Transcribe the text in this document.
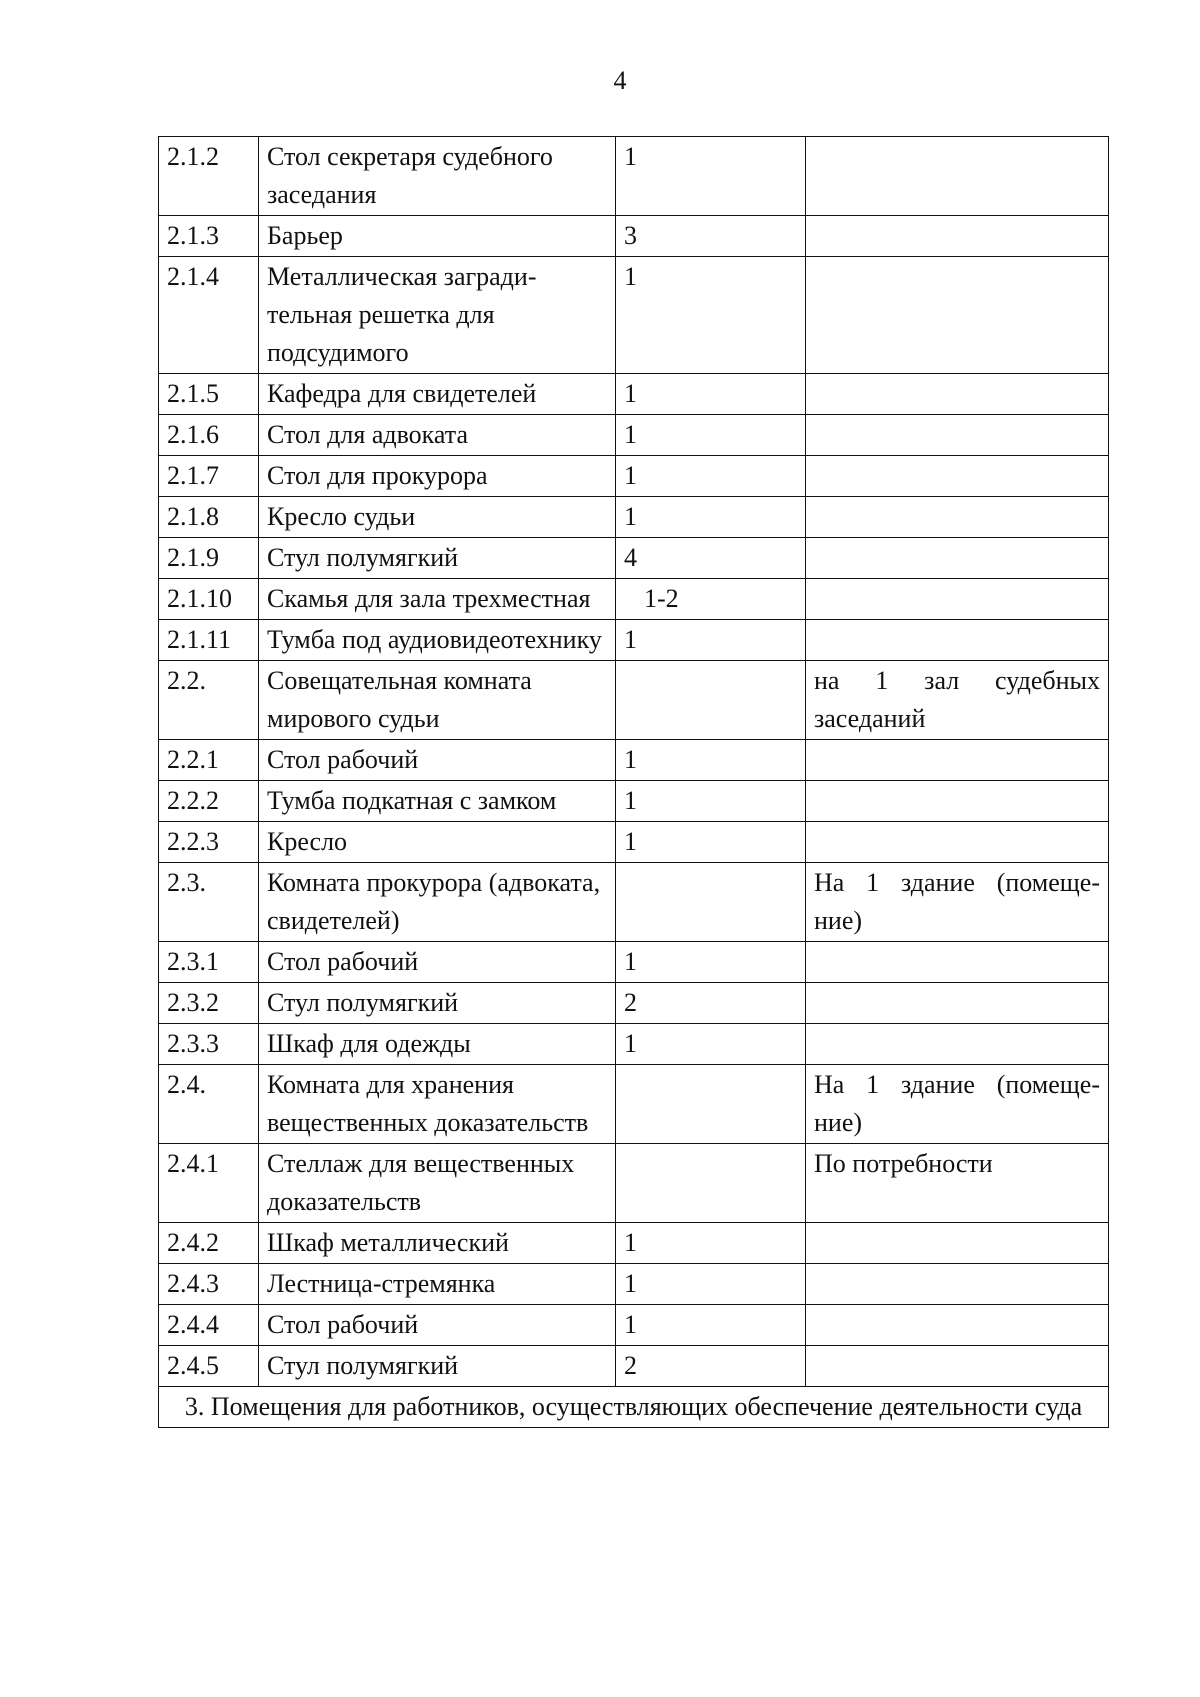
4
2.1.2	Стол секретаря судебного заседания	1	
2.1.3	Барьер	3	
2.1.4	Металлическая загради-тельная решетка для подсудимого	1	
2.1.5	Кафедра для свидетелей	1	
2.1.6	Стол для адвоката	1	
2.1.7	Стол для прокурора	1	
2.1.8	Кресло судьи	1	
2.1.9	Стул полумягкий	4	
2.1.10	Скамья для зала трехместная	1-2	
2.1.11	Тумба под аудиовидеотехнику	1	
2.2.	Совещательная комната мирового судьи		на 1 зал судебных заседаний
2.2.1	Стол рабочий	1	
2.2.2	Тумба подкатная с замком	1	
2.2.3	Кресло	1	
2.3.	Комната прокурора (адвоката, свидетелей)		На 1 здание (помеще-ние)
2.3.1	Стол рабочий	1	
2.3.2	Стул полумягкий	2	
2.3.3	Шкаф для одежды	1	
2.4.	Комната для хранения вещественных доказательств		На 1 здание (помеще-ние)
2.4.1	Стеллаж для вещественных доказательств		По потребности
2.4.2	Шкаф металлический	1	
2.4.3	Лестница-стремянка	1	
2.4.4	Стол рабочий	1	
2.4.5	Стул полумягкий	2	
3. Помещения для работников, осуществляющих обеспечение деятельности суда			
